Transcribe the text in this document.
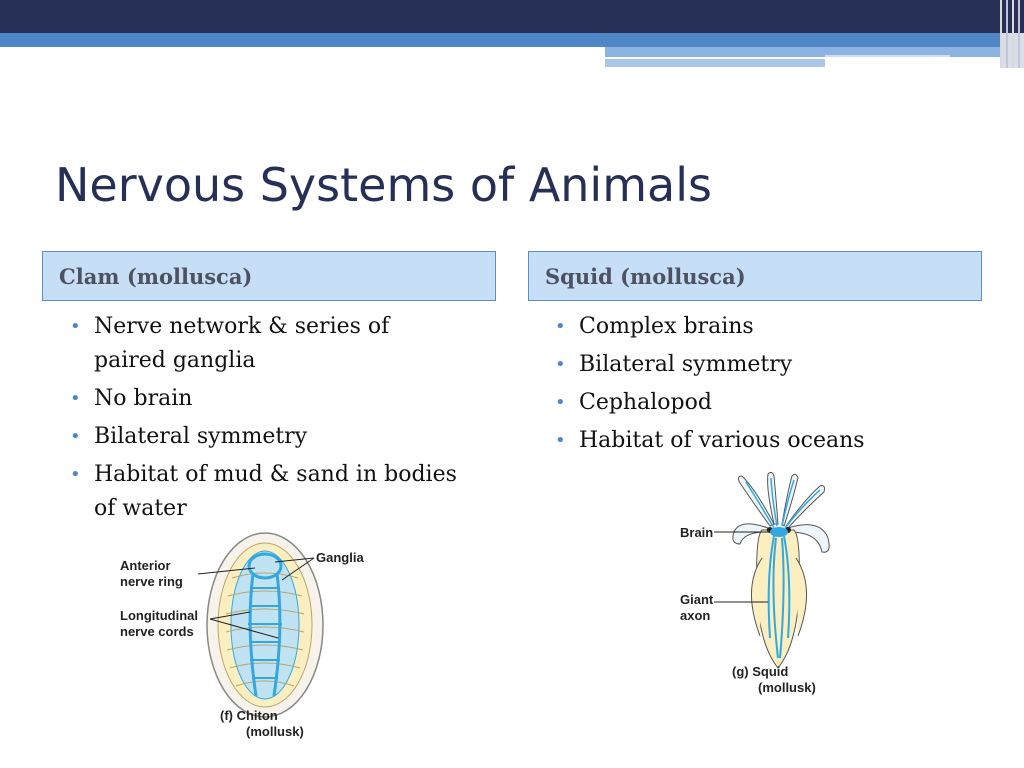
Nervous Systems of Animals
Clam (mollusca)	Squid (mollusca)
• Nerve network & series of paired ganglia
• No brain
• Bilateral symmetry
• Habitat of mud & sand in bodies of water
• Complex brains
• Bilateral symmetry
• Cephalopod
• Habitat of various oceans
Anterior
nerve ring
Ganglia
Longitudinal
nerve cords
(f) Chiton
(mollusk)
Brain
Giant
axon
(g) Squid
(mollusk)
